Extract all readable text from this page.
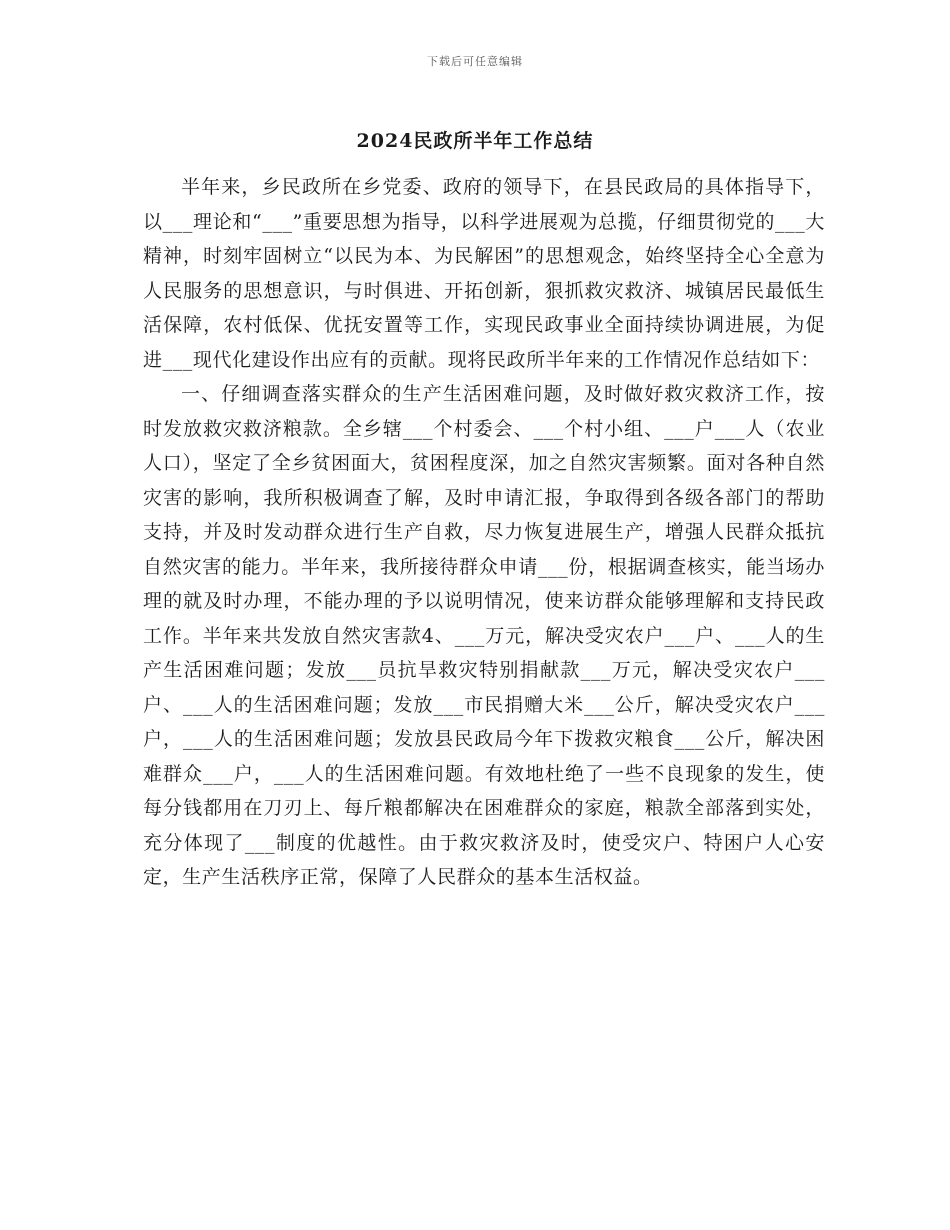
下载后可任意编辑
2024民政所半年工作总结

半年来，乡民政所在乡党委、政府的领导下，在县民政局的具体指导下，以___理论和“___”重要思想为指导，以科学进展观为总揽，仔细贯彻党的___大精神，时刻牢固树立“以民为本、为民解困”的思想观念，始终坚持全心全意为人民服务的思想意识，与时俱进、开拓创新，狠抓救灾救济、城镇居民最低生活保障，农村低保、优抚安置等工作，实现民政事业全面持续协调进展，为促进___现代化建设作出应有的贡献。现将民政所半年来的工作情况作总结如下：

一、仔细调查落实群众的生产生活困难问题，及时做好救灾救济工作，按时发放救灾救济粮款。全乡辖___个村委会、___个村小组、___户___人（农业人口），坚定了全乡贫困面大，贫困程度深，加之自然灾害频繁。面对各种自然灾害的影响，我所积极调查了解，及时申请汇报，争取得到各级各部门的帮助支持，并及时发动群众进行生产自救，尽力恢复进展生产，增强人民群众抵抗自然灾害的能力。半年来，我所接待群众申请___份，根据调查核实，能当场办理的就及时办理，不能办理的予以说明情况，使来访群众能够理解和支持民政工作。半年来共发放自然灾害款4、___万元，解决受灾农户___户、___人的生产生活困难问题；发放___员抗旱救灾特别捐献款___万元，解决受灾农户___户、___人的生活困难问题；发放___市民捐赠大米___公斤，解决受灾农户___户，___人的生活困难问题；发放县民政局今年下拨救灾粮食___公斤，解决困难群众___户，___人的生活困难问题。有效地杜绝了一些不良现象的发生，使每分钱都用在刀刃上、每斤粮都解决在困难群众的家庭，粮款全部落到实处，充分体现了___制度的优越性。由于救灾救济及时，使受灾户、特困户人心安定，生产生活秩序正常，保障了人民群众的基本生活权益。
